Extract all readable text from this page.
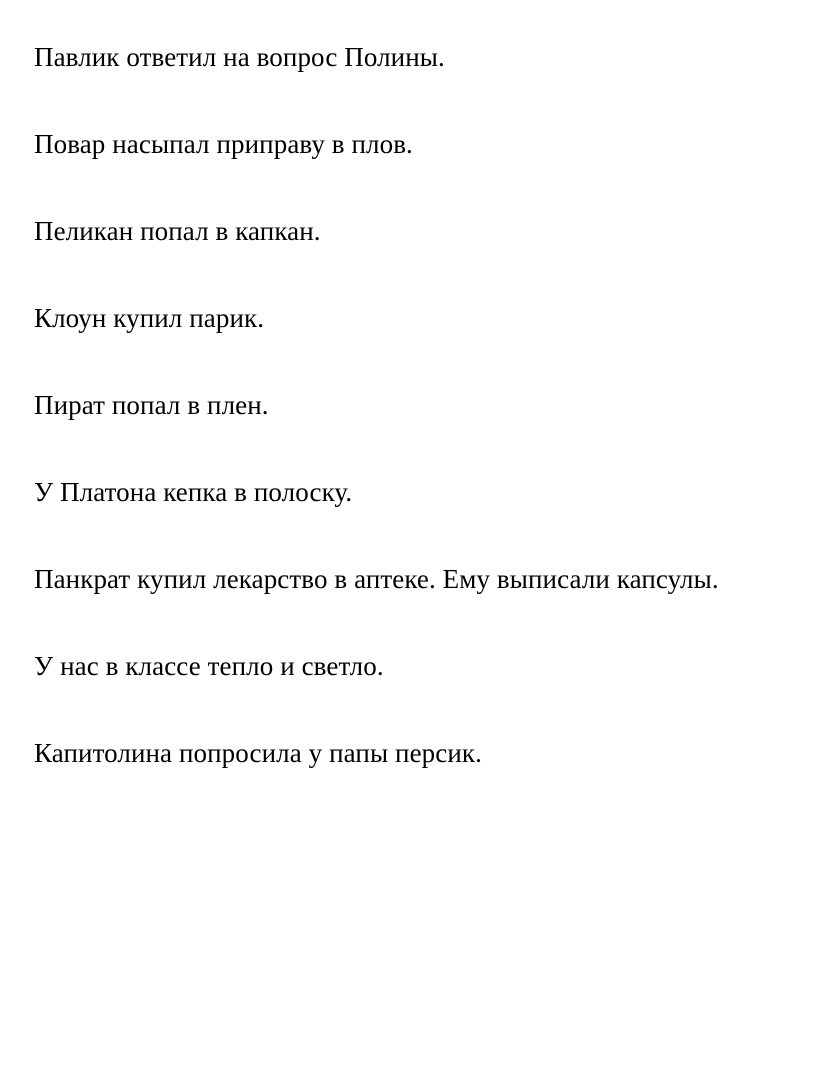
Павлик ответил на вопрос Полины.

Повар насыпал приправу в плов.

Пеликан попал в капкан.

Клоун купил парик.

Пират попал в плен.

У Платона кепка в полоску.

Панкрат купил лекарство в аптеке. Ему выписали капсулы.

У нас в классе тепло и светло.

Капитолина попросила у папы персик.
